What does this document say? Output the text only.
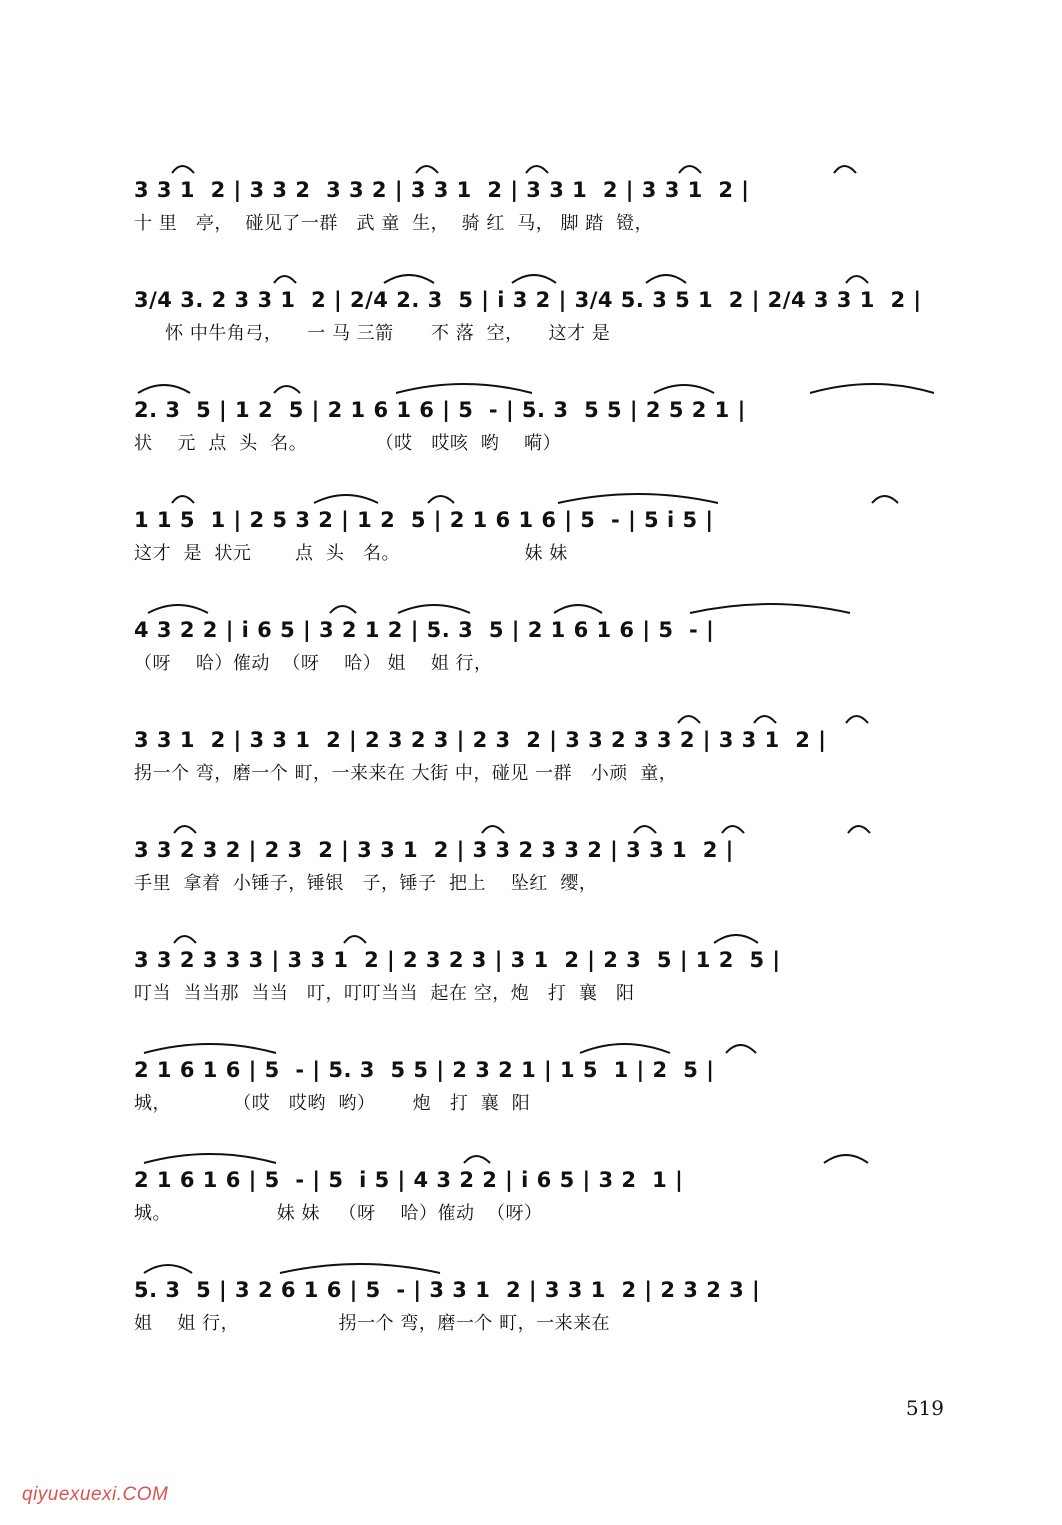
3 3 1  2 | 3 3 2  3 3 2 | 3 3 1  2 | 3 3 1  2 | 3 3 1  2 |
十 里   亭，  碰见了一群   武 童  生，  骑 红  马， 脚 踏  镫，
3/4 3. 2 3 3 1  2 | 2/4 2. 3  5 | i 3 2 | 3/4 5. 3 5 1  2 | 2/4 3 3 1  2 |
怀 中牛角弓，    一 马 三箭      不 落  空，    这才 是
2. 3  5 | 1 2  5 | 2 1 6 1 6 | 5  - | 5. 3  5 5 | 2 5 2 1 |
状    元  点  头  名。           （哎   哎咳  哟    嗬）
1 1 5  1 | 2 5 3 2 | 1 2  5 | 2 1 6 1 6 | 5  - | 5 i 5 |
这才  是  状元       点  头   名。                    妹 妹
4 3 2 2 | i 6 5 | 3 2 1 2 | 5. 3  5 | 2 1 6 1 6 | 5  - |
（呀    哈）傕动  （呀    哈） 姐    姐 行，
3 3 1  2 | 3 3 1  2 | 2 3 2 3 | 2 3  2 | 3 3 2 3 3 2 | 3 3 1  2 |
拐一个 弯，磨一个 町，一来来在 大街 中，碰见 一群   小顽  童，
3 3 2 3 2 | 2 3  2 | 3 3 1  2 | 3 3 2 3 3 2 | 3 3 1  2 |
手里  拿着  小锤子，锤银   子，锤子  把上    坠红  缨，
3 3 2 3 3 3 | 3 3 1  2 | 2 3 2 3 | 3 1  2 | 2 3  5 | 1 2  5 |
叮当  当当那  当当   叮，叮叮当当  起在 空，炮   打  襄   阳
2 1 6 1 6 | 5  - | 5. 3  5 5 | 2 3 2 1 | 1 5  1 | 2  5 |
城，          （哎   哎哟  哟）      炮   打  襄  阳
2 1 6 1 6 | 5  - | 5  i 5 | 4 3 2 2 | i 6 5 | 3 2  1 |
城。                 妹 妹   （呀    哈）傕动  （呀）
5. 3  5 | 3 2 6 1 6 | 5  - | 3 3 1  2 | 3 3 1  2 | 2 3 2 3 |
姐    姐 行，                拐一个 弯，磨一个 町，一来来在
519
qiyuexuexi.COM
